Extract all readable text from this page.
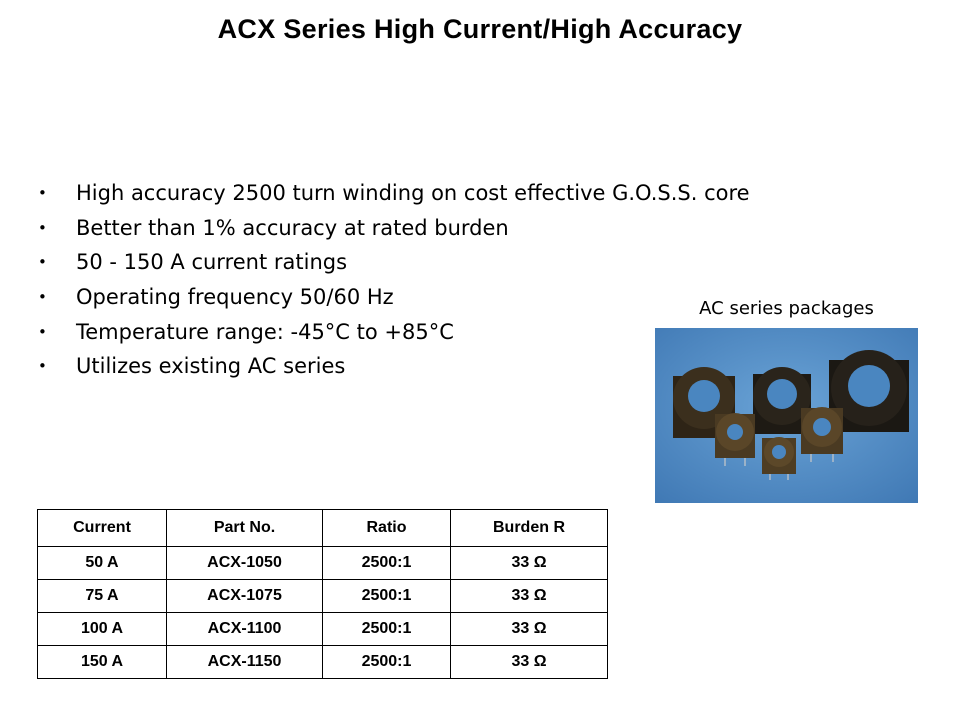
ACX Series High Current/High Accuracy
•	High accuracy 2500 turn winding on cost effective G.O.S.S. core
•	Better than 1% accuracy at rated burden
•	50 - 150 A current ratings
•	Operating frequency 50/60 Hz
•	Temperature range: -45°C to +85°C
•	Utilizes existing AC series
AC series packages
Current	Part No.	Ratio	Burden R
50 A	ACX-1050	2500:1	33 Ω
75 A	ACX-1075	2500:1	33 Ω
100 A	ACX-1100	2500:1	33 Ω
150 A	ACX-1150	2500:1	33 Ω
